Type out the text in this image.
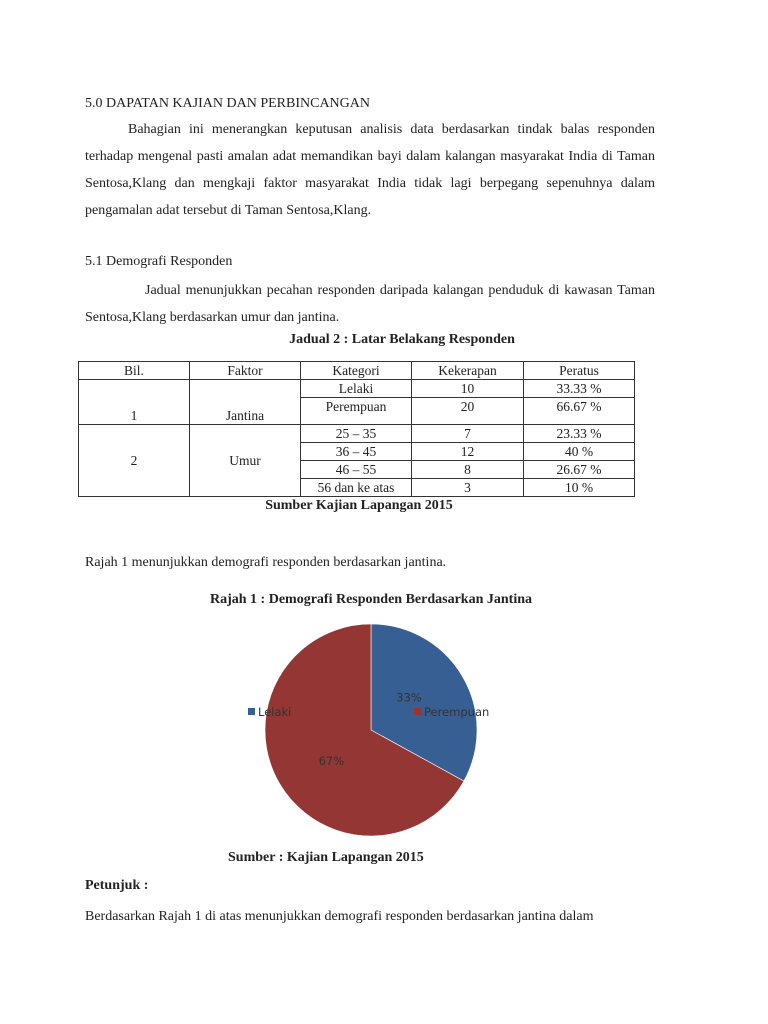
5.0 DAPATAN KAJIAN DAN PERBINCANGAN
Bahagian ini menerangkan keputusan analisis data berdasarkan tindak balas responden terhadap mengenal pasti amalan adat memandikan bayi dalam kalangan masyarakat India di Taman Sentosa,Klang dan mengkaji faktor masyarakat India tidak lagi berpegang sepenuhnya dalam pengamalan adat tersebut di Taman Sentosa,Klang.
5.1 Demografi Responden
Jadual menunjukkan pecahan responden daripada kalangan penduduk di kawasan Taman Sentosa,Klang berdasarkan umur dan jantina.
Jadual 2 : Latar Belakang Responden
Bil.	Faktor	Kategori	Kekerapan	Peratus
1	Jantina	Lelaki	10	33.33 %
		Perempuan	20	66.67 %
2	Umur	25 – 35	7	23.33 %
		36 – 45	12	40 %
		46 – 55	8	26.67 %
		56 dan ke atas	3	10 %
Sumber Kajian Lapangan 2015
Rajah 1 menunjukkan demografi responden berdasarkan jantina.
Rajah 1 : Demografi Responden Berdasarkan Jantina
33%
67%
Lelaki	Perempuan
Sumber : Kajian Lapangan 2015
Petunjuk :
Berdasarkan Rajah 1 di atas menunjukkan demografi responden berdasarkan jantina dalam
